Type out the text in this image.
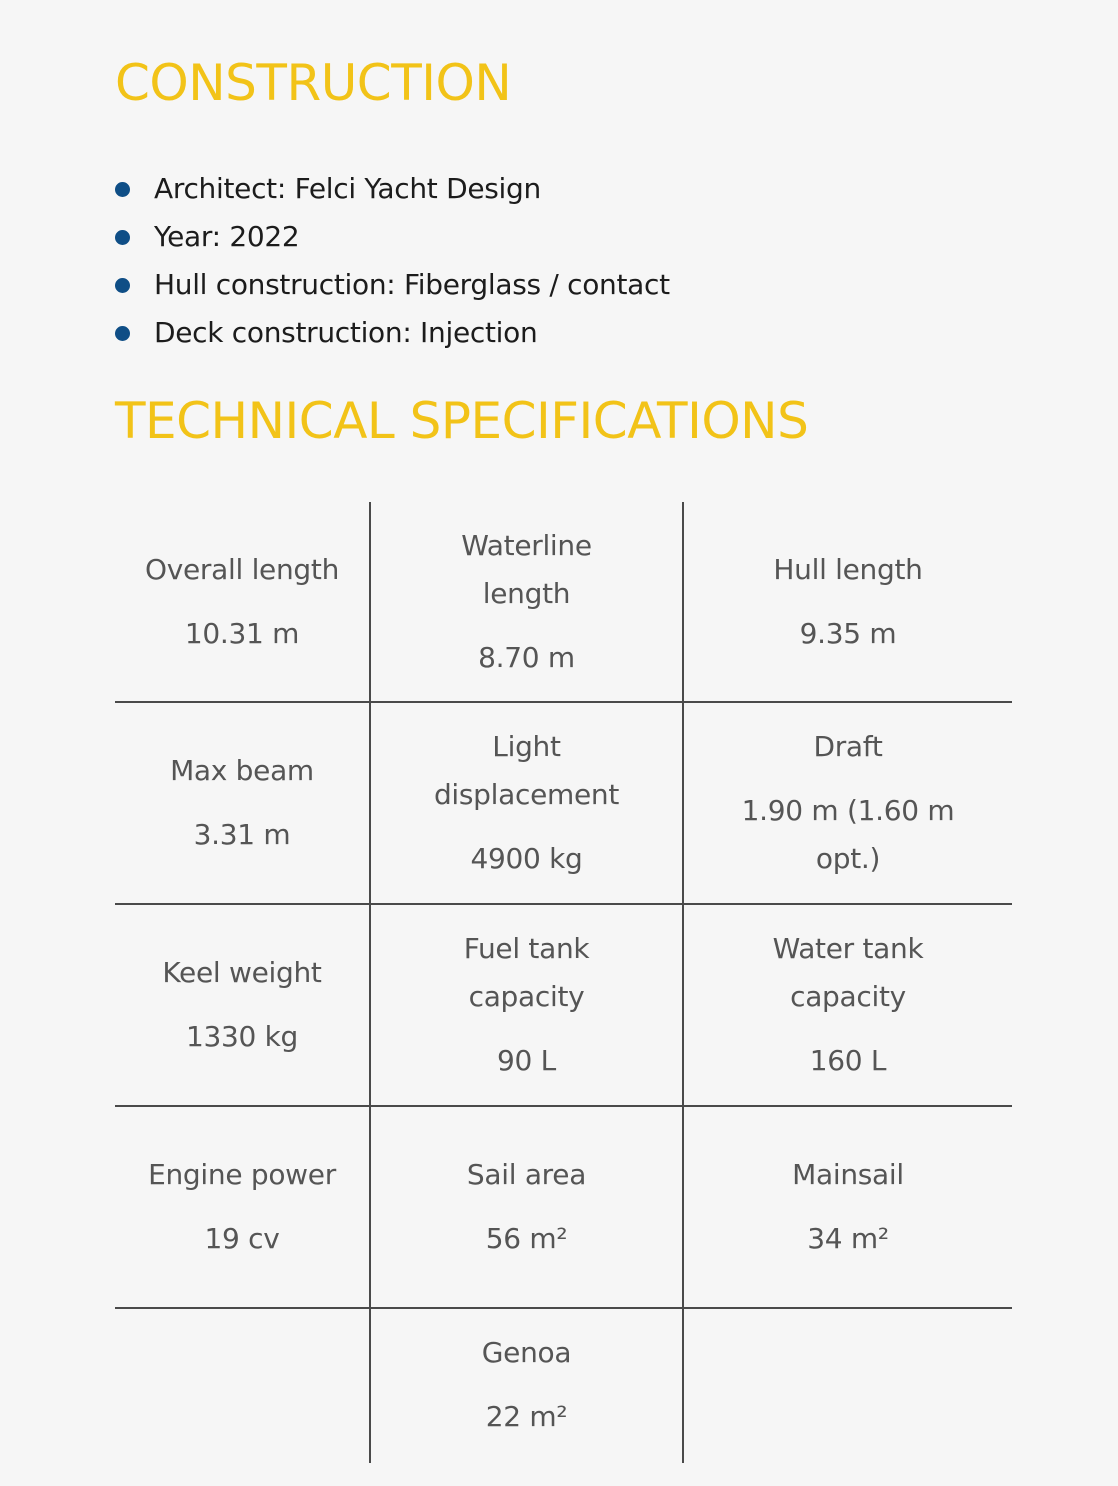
CONSTRUCTION
Architect: Felci Yacht Design
Year: 2022
Hull construction: Fiberglass / contact
Deck construction: Injection
TECHNICAL SPECIFICATIONS
Overall length
10.31 m
Waterline length
8.70 m
Hull length
9.35 m
Max beam
3.31 m
Light displacement
4900 kg
Draft
1.90 m (1.60 m opt.)
Keel weight
1330 kg
Fuel tank capacity
90 L
Water tank capacity
160 L
Engine power
19 cv
Sail area
56 m²
Mainsail
34 m²
Genoa
22 m²
